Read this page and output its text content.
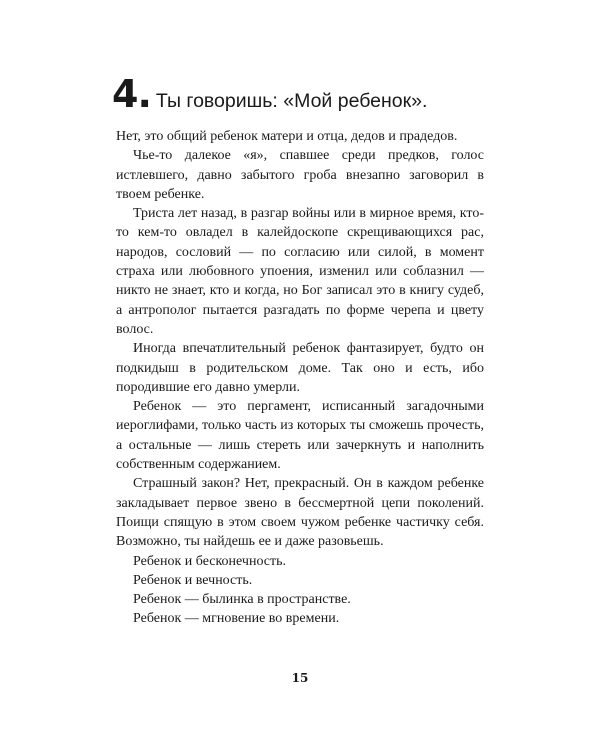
4. Ты говоришь: «Мой ребенок».

Нет, это общий ребенок матери и отца, дедов и прадедов.

Чье-то далекое «я», спавшее среди предков, голос истлевшего, давно забытого гроба внезапно заговорил в твоем ребенке.

Триста лет назад, в разгар войны или в мирное время, кто-то кем-то овладел в калейдоскопе скрещивающихся рас, народов, сословий — по согласию или силой, в момент страха или любовного упоения, изменил или соблазнил — никто не знает, кто и когда, но Бог записал это в книгу судеб, а антрополог пытается разгадать по форме черепа и цвету волос.

Иногда впечатлительный ребенок фантазирует, будто он подкидыш в родительском доме. Так оно и есть, ибо породившие его давно умерли.

Ребенок — это пергамент, исписанный загадочными иероглифами, только часть из которых ты сможешь прочесть, а остальные — лишь стереть или зачеркнуть и наполнить собственным содержанием.

Страшный закон? Нет, прекрасный. Он в каждом ребенке закладывает первое звено в бессмертной цепи поколений. Поищи спящую в этом своем чужом ребенке частичку себя. Возможно, ты найдешь ее и даже разовьешь.

Ребенок и бесконечность.

Ребенок и вечность.

Ребенок — былинка в пространстве.

Ребенок — мгновение во времени.

15
